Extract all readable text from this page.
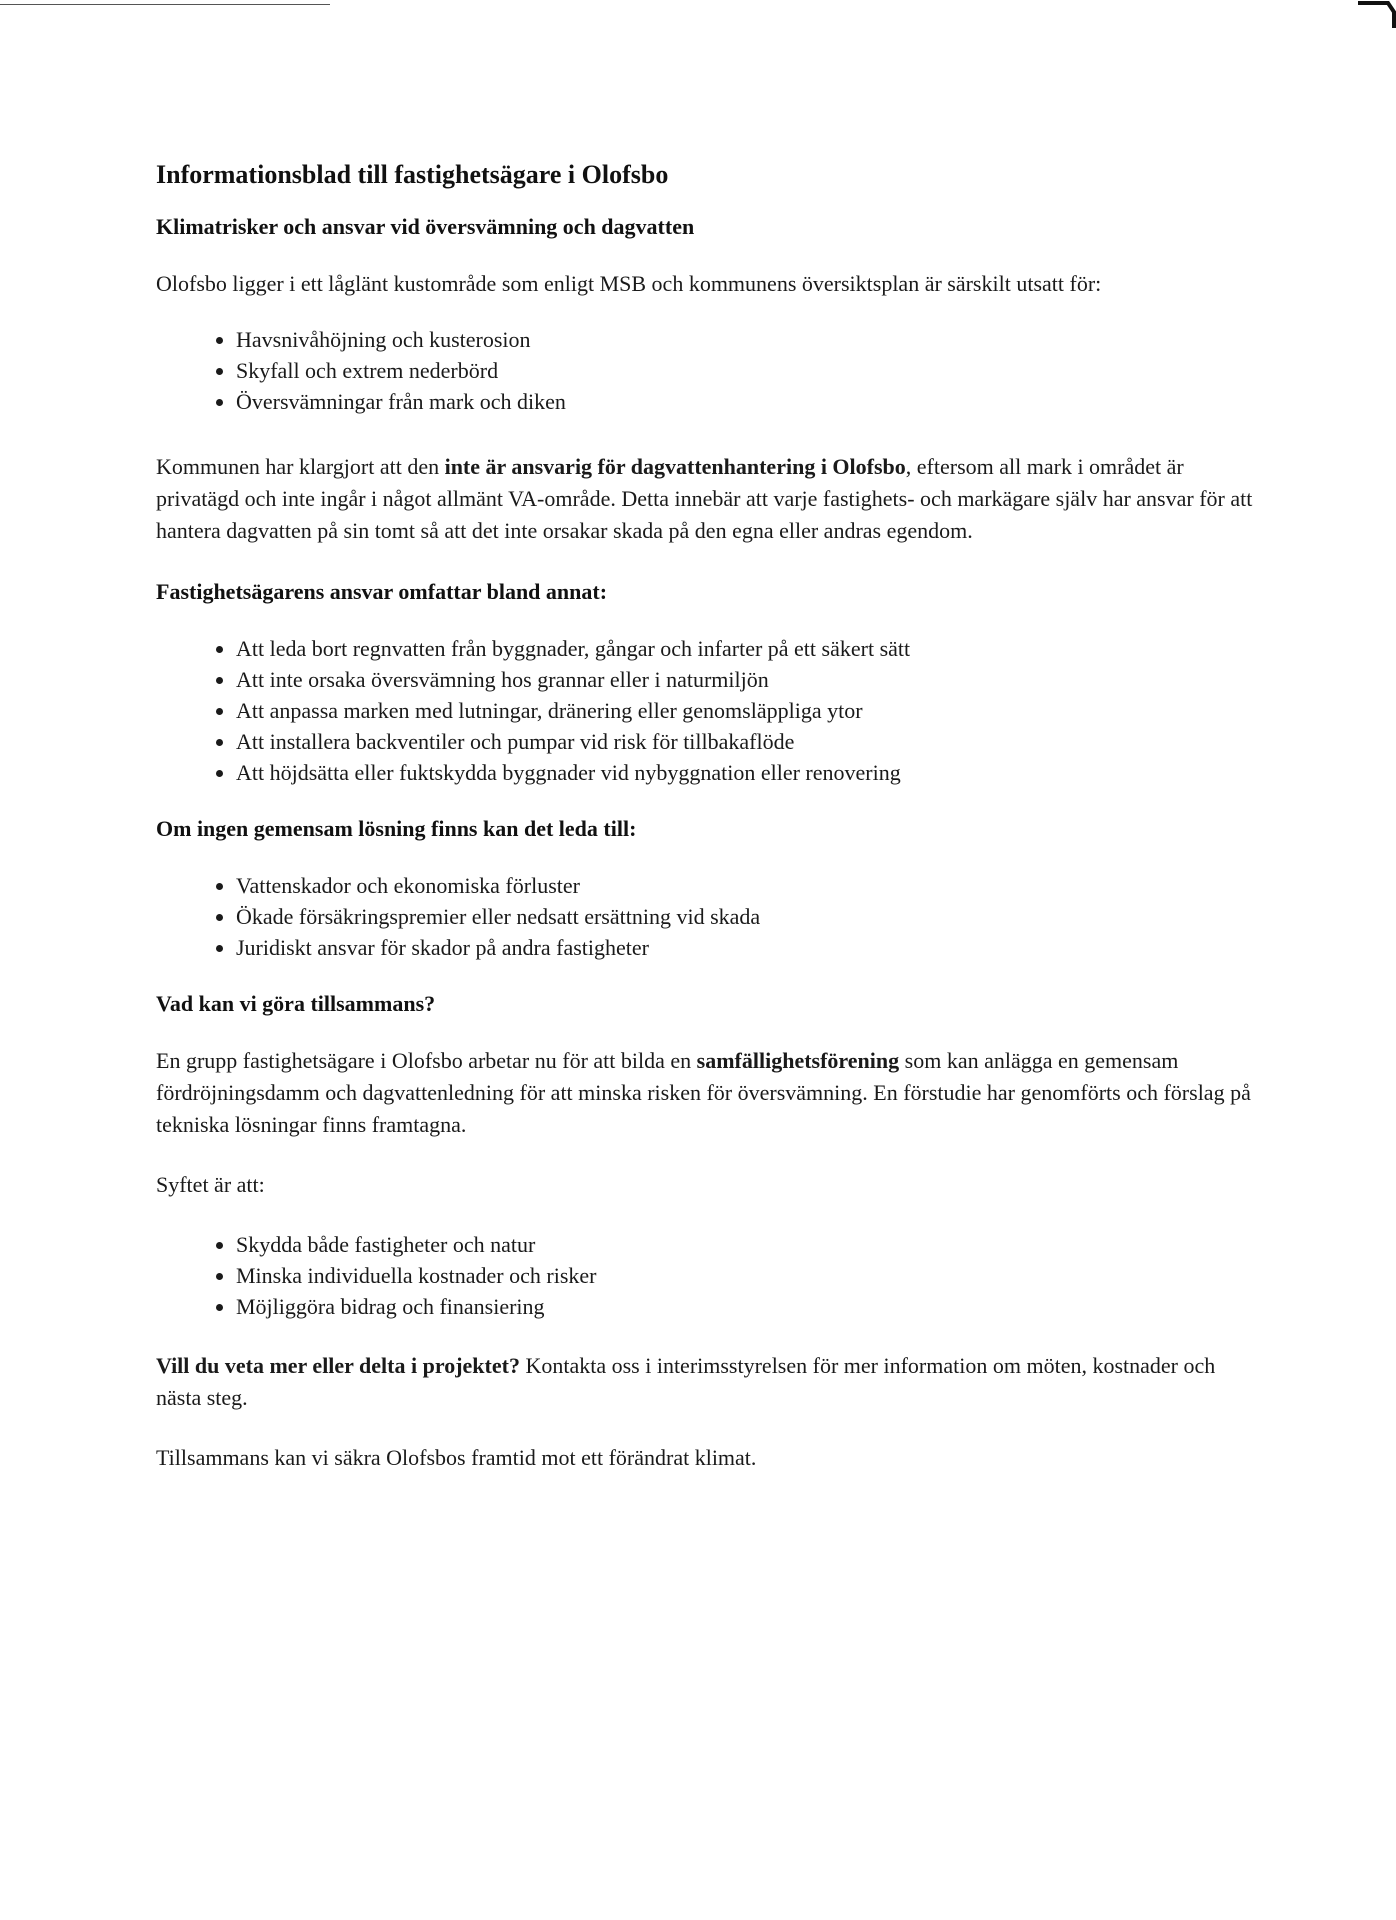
Informationsblad till fastighetsägare i Olofsbo
Klimatrisker och ansvar vid översvämning och dagvatten

Olofsbo ligger i ett låglänt kustområde som enligt MSB och kommunens översiktsplan är särskilt utsatt för:

• Havsnivåhöjning och kusterosion
• Skyfall och extrem nederbörd
• Översvämningar från mark och diken

Kommunen har klargjort att den inte är ansvarig för dagvattenhantering i Olofsbo, eftersom all mark i området är privatägd och inte ingår i något allmänt VA-område. Detta innebär att varje fastighets- och markägare själv har ansvar för att hantera dagvatten på sin tomt så att det inte orsakar skada på den egna eller andras egendom.

Fastighetsägarens ansvar omfattar bland annat:
• Att leda bort regnvatten från byggnader, gångar och infarter på ett säkert sätt
• Att inte orsaka översvämning hos grannar eller i naturmiljön
• Att anpassa marken med lutningar, dränering eller genomsläppliga ytor
• Att installera backventiler och pumpar vid risk för tillbakaflöde
• Att höjdsätta eller fuktskydda byggnader vid nybyggnation eller renovering
Om ingen gemensam lösning finns kan det leda till:
• Vattenskador och ekonomiska förluster
• Ökade försäkringspremier eller nedsatt ersättning vid skada
• Juridiskt ansvar för skador på andra fastigheter
Vad kan vi göra tillsammans?

En grupp fastighetsägare i Olofsbo arbetar nu för att bilda en samfällighetsförening som kan anlägga en gemensam fördröjningsdamm och dagvattenledning för att minska risken för översvämning. En förstudie har genomförts och förslag på tekniska lösningar finns framtagna.

Syftet är att:

• Skydda både fastigheter och natur
• Minska individuella kostnader och risker
• Möjliggöra bidrag och finansiering

Vill du veta mer eller delta i projektet? Kontakta oss i interimsstyrelsen för mer information om möten, kostnader och nästa steg.

Tillsammans kan vi säkra Olofsbos framtid mot ett förändrat klimat.
